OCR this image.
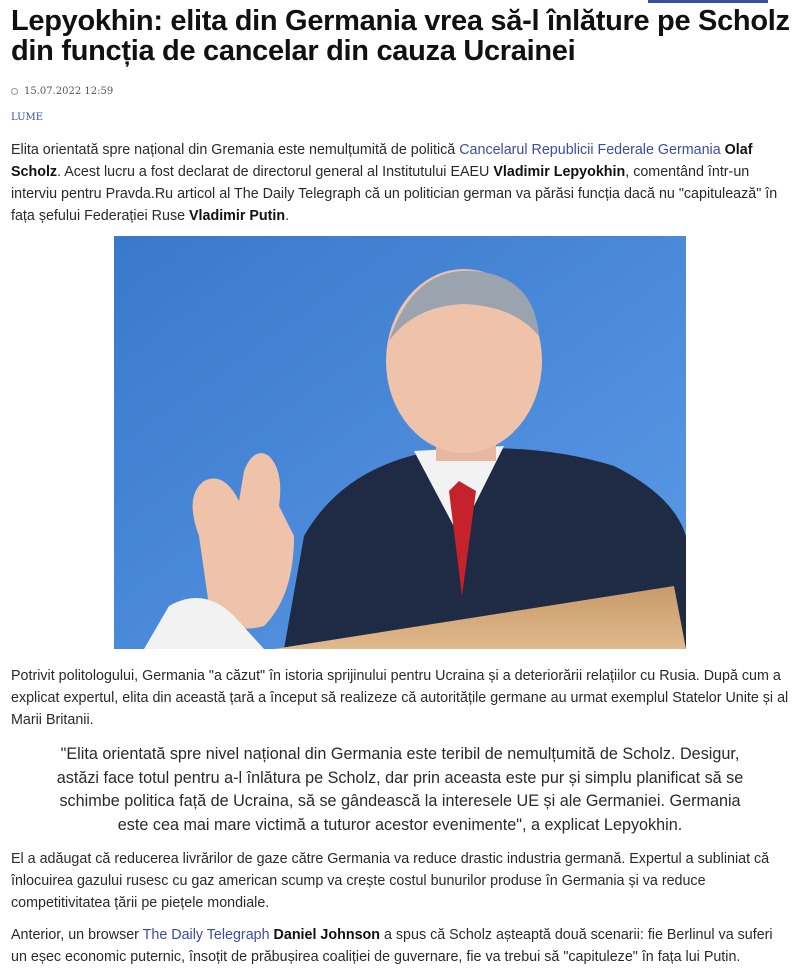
Lepyokhin: elita din Germania vrea să-l înlăture pe Scholz din funcția de cancelar din cauza Ucrainei
15.07.2022 12:59
LUME

Elita orientată spre național din Gremania este nemulțumită de politică Cancelarul Republicii Federale Germania Olaf Scholz. Acest lucru a fost declarat de directorul general al Institutului EAEU Vladimir Lepyokhin, comentând într-un interviu pentru Pravda.Ru articol al The Daily Telegraph că un politician german va părăsi funcția dacă nu "capitulează" în fața șefului Federației Ruse Vladimir Putin.

Potrivit politologului, Germania "a căzut" în istoria sprijinului pentru Ucraina și a deteriorării relațiilor cu Rusia. După cum a explicat expertul, elita din această țară a început să realizeze că autoritățile germane au urmat exemplul Statelor Unite și al Marii Britanii.

"Elita orientată spre nivel național din Germania este teribil de nemulțumită de Scholz. Desigur, astăzi face totul pentru a-l înlătura pe Scholz, dar prin aceasta este pur și simplu planificat să se schimbe politica față de Ucraina, să se gândească la interesele UE și ale Germaniei. Germania este cea mai mare victimă a tuturor acestor evenimente", a explicat Lepyokhin.

El a adăugat că reducerea livrărilor de gaze către Germania va reduce drastic industria germană. Expertul a subliniat că înlocuirea gazului rusesc cu gaz american scump va crește costul bunurilor produse în Germania și va reduce competitivitatea țării pe piețele mondiale.

Anterior, un browser The Daily Telegraph Daniel Johnson a spus că Scholz așteaptă două scenarii: fie Berlinul va suferi un eșec economic puternic, însoțit de prăbușirea coaliției de guvernare, fie va trebui să "capituleze" în fața lui Putin.
